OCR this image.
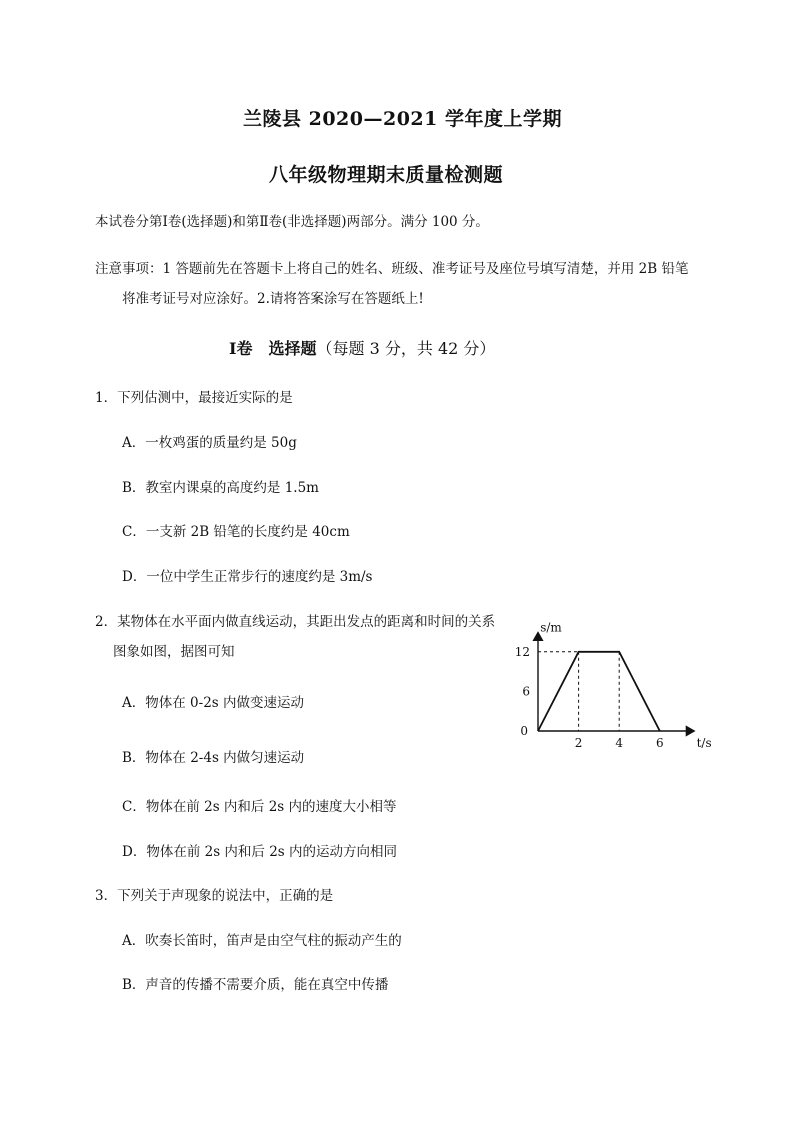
兰陵县 2020—2021 学年度上学期
八年级物理期末质量检测题
本试卷分第Ⅰ卷(选择题)和第Ⅱ卷(非选择题)两部分。满分 100 分。
注意事项：1 答题前先在答题卡上将自己的姓名、班级、准考证号及座位号填写清楚，并用 2B 铅笔
将准考证号对应涂好。2.请将答案涂写在答题纸上!
Ⅰ卷　选择题（每题 3 分，共 42 分）
1．下列估测中，最接近实际的是
A．一枚鸡蛋的质量约是 50g
B．教室内课桌的高度约是 1.5m
C．一支新 2B 铅笔的长度约是 40cm
D．一位中学生正常步行的速度约是 3m/s
2．某物体在水平面内做直线运动，其距出发点的距离和时间的关系
图象如图，据图可知
A．物体在 0-2s 内做变速运动
B．物体在 2-4s 内做匀速运动
C．物体在前 2s 内和后 2s 内的速度大小相等
D．物体在前 2s 内和后 2s 内的运动方向相同
2	4	6
12
6
0
s/m
t/s
3．下列关于声现象的说法中，正确的是
A．吹奏长笛时，笛声是由空气柱的振动产生的
B．声音的传播不需要介质，能在真空中传播
